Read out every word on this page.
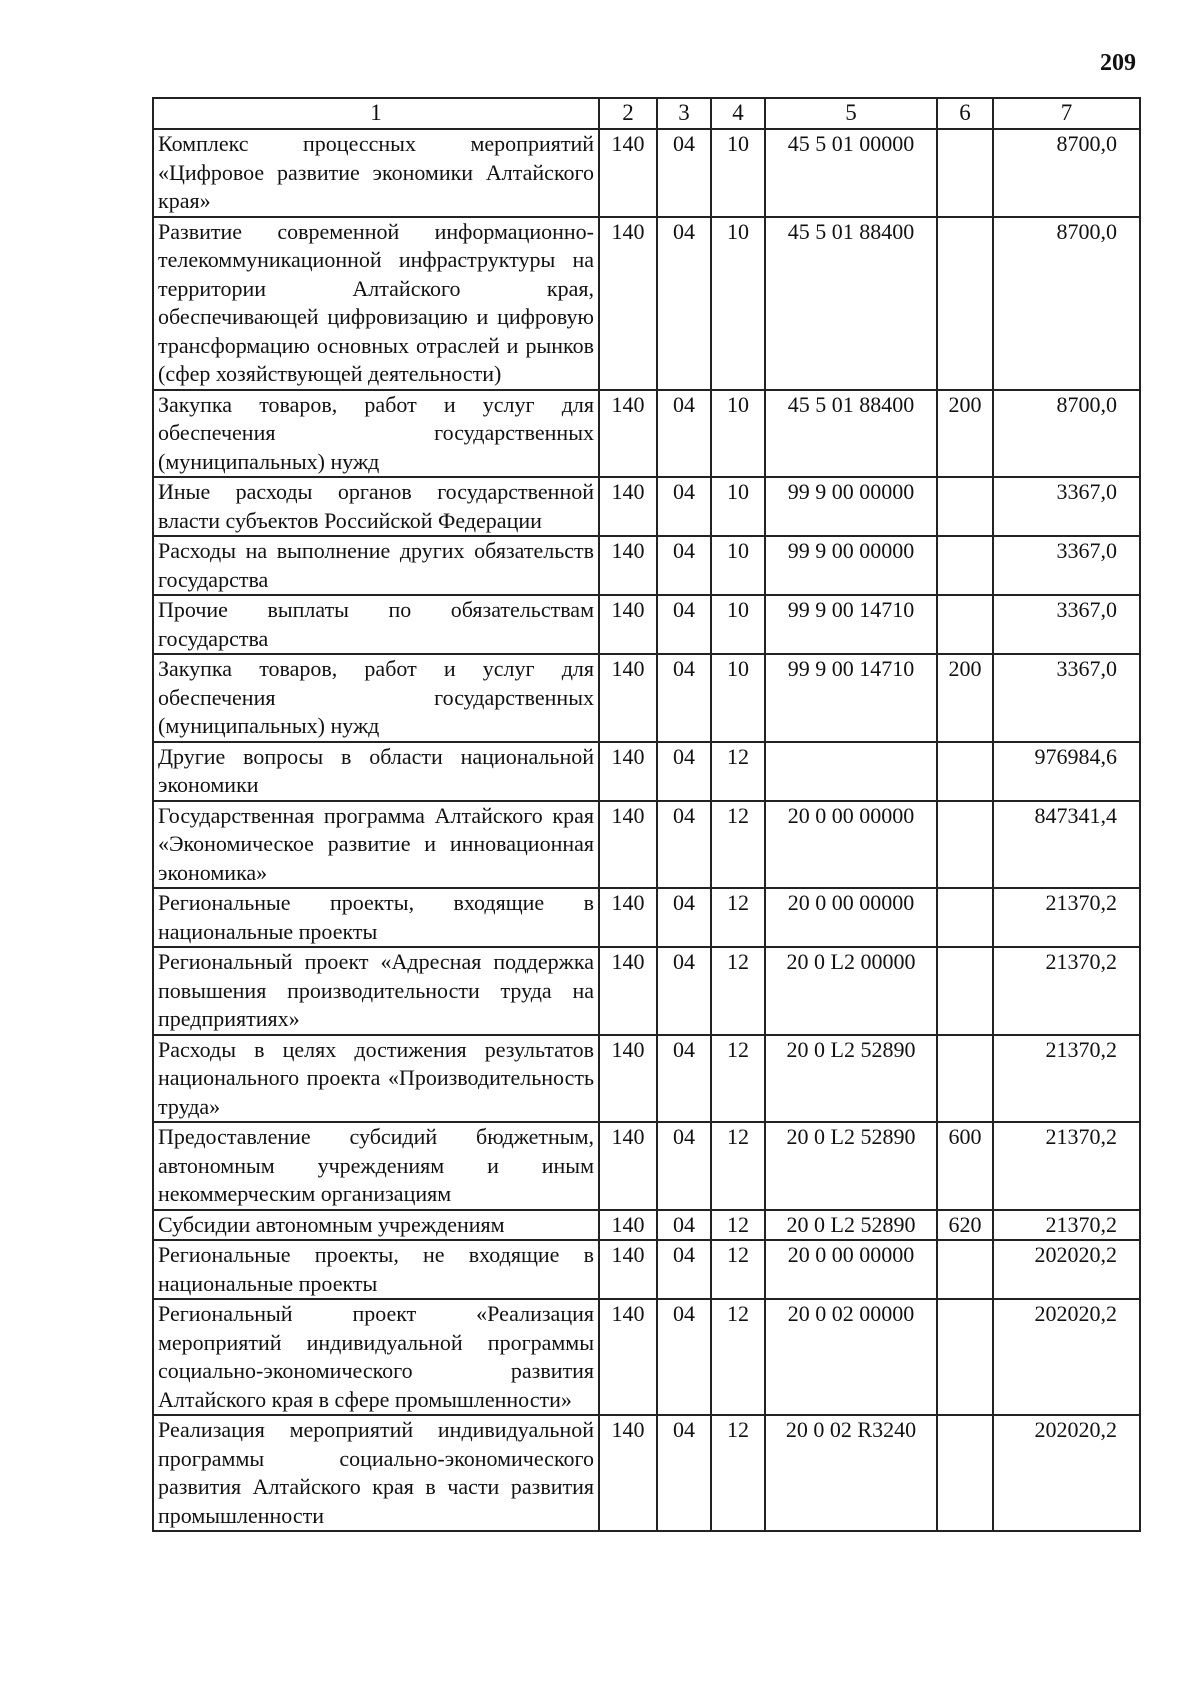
209
1	2	3	4	5	6	7
Комплекс процессных мероприятий «Цифровое развитие экономики Алтайского края»	140	04	10	45 5 01 00000		8700,0
Развитие современной информационно-телекоммуникационной инфраструктуры на территории Алтайского края, обеспечивающей цифровизацию и цифровую трансформацию основных отраслей и рынков (сфер хозяйствующей деятельности)	140	04	10	45 5 01 88400		8700,0
Закупка товаров, работ и услуг для обеспечения государственных (муниципальных) нужд	140	04	10	45 5 01 88400	200	8700,0
Иные расходы органов государственной власти субъектов Российской Федерации	140	04	10	99 9 00 00000		3367,0
Расходы на выполнение других обязательств государства	140	04	10	99 9 00 00000		3367,0
Прочие выплаты по обязательствам государства	140	04	10	99 9 00 14710		3367,0
Закупка товаров, работ и услуг для обеспечения государственных (муниципальных) нужд	140	04	10	99 9 00 14710	200	3367,0
Другие вопросы в области национальной экономики	140	04	12			976984,6
Государственная программа Алтайского края «Экономическое развитие и инновационная экономика»	140	04	12	20 0 00 00000		847341,4
Региональные проекты, входящие в национальные проекты	140	04	12	20 0 00 00000		21370,2
Региональный проект «Адресная поддержка повышения производительности труда на предприятиях»	140	04	12	20 0 L2 00000		21370,2
Расходы в целях достижения результатов национального проекта «Производительность труда»	140	04	12	20 0 L2 52890		21370,2
Предоставление субсидий бюджетным, автономным учреждениям и иным некоммерческим организациям	140	04	12	20 0 L2 52890	600	21370,2
Субсидии автономным учреждениям	140	04	12	20 0 L2 52890	620	21370,2
Региональные проекты, не входящие в национальные проекты	140	04	12	20 0 00 00000		202020,2
Региональный проект «Реализация мероприятий индивидуальной программы социально-экономического развития Алтайского края в сфере промышленности»	140	04	12	20 0 02 00000		202020,2
Реализация мероприятий индивидуальной программы социально-экономического развития Алтайского края в части развития промышленности	140	04	12	20 0 02 R3240		202020,2
